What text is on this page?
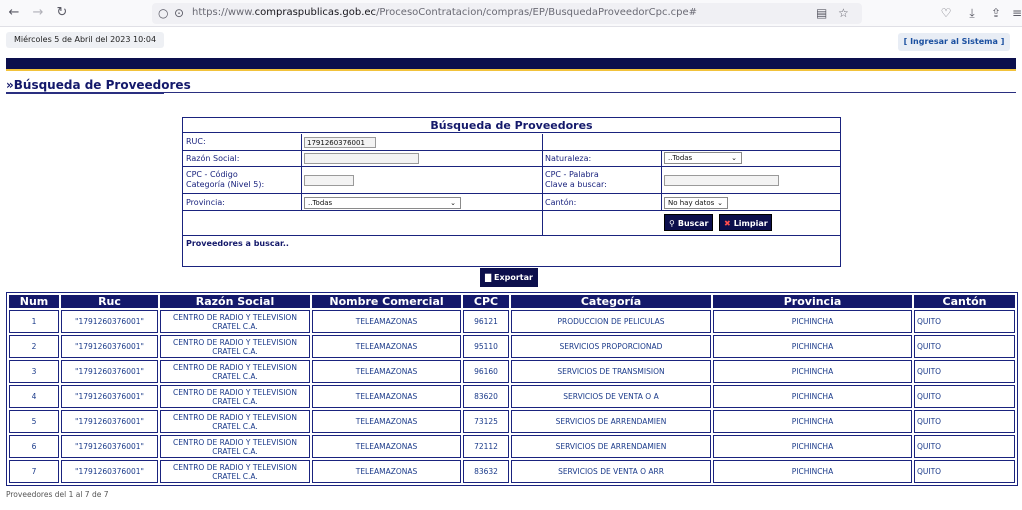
← → ↻	○ ⊙ https://www.compraspublicas.gob.ec/ProcesoContratacion/compras/EP/BusquedaProveedorCpc.cpe#	▤ ☆	♡	⤓	⇪ ≡
Miércoles 5 de Abril del 2023 10:04	[ Ingresar al Sistema ]
»Búsqueda de Proveedores
Búsqueda de Proveedores
RUC:
1791260376001
Razón Social:	Naturaleza:	..Todas	⌄
CPC - Código
Categoría (Nivel 5):
CPC - Palabra
Clave a buscar:
Provincia:	..Todas	⌄	Cantón:	No hay datos ⌄
⚲ Buscar	✖ Limpiar
Proveedores a buscar..
▇ Exportar
Num	Ruc	Razón Social	Nombre Comercial	CPC	Categoría	Provincia	Cantón
1	"1791260376001"	CENTRO DE RADIO Y TELEVISION CRATEL C.A.	TELEAMAZONAS	96121	PRODUCCION DE PELICULAS	PICHINCHA	QUITO
2	"1791260376001"	CENTRO DE RADIO Y TELEVISION CRATEL C.A.	TELEAMAZONAS	95110	SERVICIOS PROPORCIONAD	PICHINCHA	QUITO
3	"1791260376001"	CENTRO DE RADIO Y TELEVISION CRATEL C.A.	TELEAMAZONAS	96160	SERVICIOS DE TRANSMISION	PICHINCHA	QUITO
4	"1791260376001"	CENTRO DE RADIO Y TELEVISION CRATEL C.A.	TELEAMAZONAS	83620	SERVICIOS DE VENTA O A	PICHINCHA	QUITO
5	"1791260376001"	CENTRO DE RADIO Y TELEVISION CRATEL C.A.	TELEAMAZONAS	73125	SERVICIOS DE ARRENDAMIEN	PICHINCHA	QUITO
6	"1791260376001"	CENTRO DE RADIO Y TELEVISION CRATEL C.A.	TELEAMAZONAS	72112	SERVICIOS DE ARRENDAMIEN	PICHINCHA	QUITO
7	"1791260376001"	CENTRO DE RADIO Y TELEVISION CRATEL C.A.	TELEAMAZONAS	83632	SERVICIOS DE VENTA O ARR	PICHINCHA	QUITO
Proveedores del 1 al 7 de 7
